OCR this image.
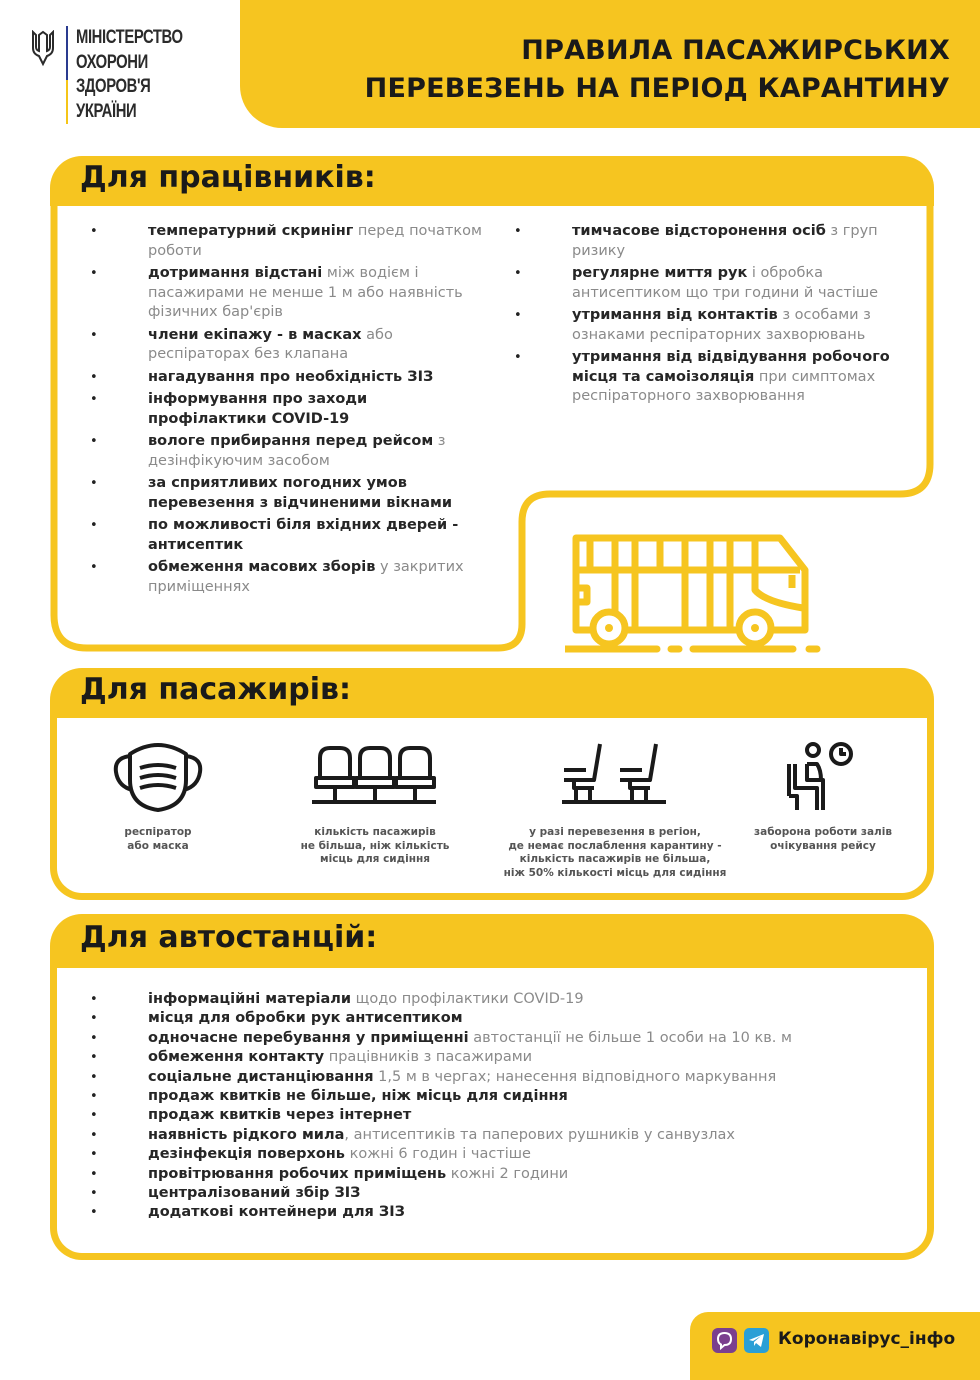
МІНІСТЕРСТВО
ОХОРОНИ
ЗДОРОВ'Я
УКРАЇНИ
ПРАВИЛА ПАСАЖИРСЬКИХ
ПЕРЕВЕЗЕНЬ НА ПЕРІОД КАРАНТИНУ
Для працівників:
• температурний скринінг перед початком роботи
• дотримання відстані між водієм і пасажирами не менше 1 м або наявність фізичних бар'єрів
• члени екіпажу - в масках або респіраторах без клапана
• нагадування про необхідність ЗІЗ
• інформування про заходи профілактики COVID-19
• вологе прибирання перед рейсом з дезінфікуючим засобом
• за сприятливих погодних умов перевезення з відчиненими вікнами
• по можливості біля вхідних дверей - антисептик
• обмеження масових зборів у закритих приміщеннях
• тимчасове відсторонення осіб з груп ризику
• регулярне миття рук і обробка антисептиком що три години й частіше
• утримання від контактів з особами з ознаками респіраторних захворювань
• утримання від відвідування робочого місця та самоізоляція при симптомах респіраторного захворювання
Для пасажирів:
респіратор
або маска
кількість пасажирів
не більша, ніж кількість
місць для сидіння
у разі перевезення в регіон,
де немає послаблення карантину -
кількість пасажирів не більша,
ніж 50% кількості місць для сидіння
заборона роботи залів
очікування рейсу
Для автостанцій:
• інформаційні матеріали щодо профілактики COVID-19
• місця для обробки рук антисептиком
• одночасне перебування у приміщенні автостанції не більше 1 особи на 10 кв. м
• обмеження контакту працівників з пасажирами
• соціальне дистанціювання 1,5 м в чергах; нанесення відповідного маркування
• продаж квитків не більше, ніж місць для сидіння
• продаж квитків через інтернет
• наявність рідкого мила, антисептиків та паперових рушників у санвузлах
• дезінфекція поверхонь кожні 6 годин і частіше
• провітрювання робочих приміщень кожні 2 години
• централізований збір ЗІЗ
• додаткові контейнери для ЗІЗ
Коронавірус_інфо
